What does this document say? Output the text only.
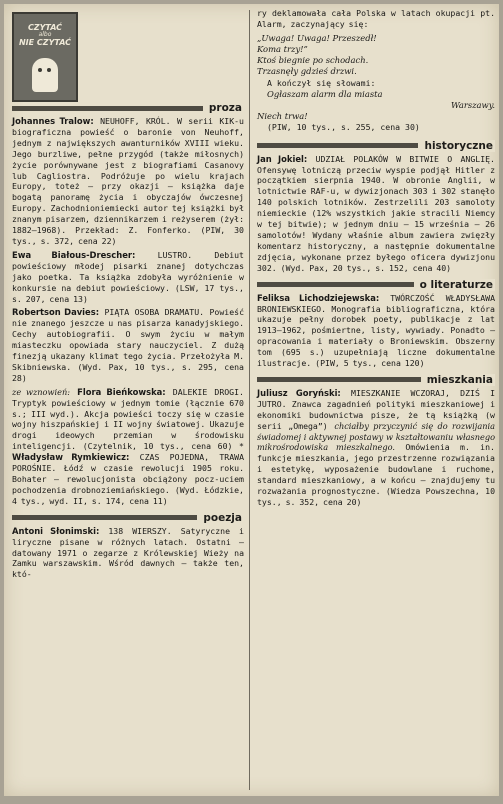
CZYTAĆ
albo
NIE CZYTAĆ
proza

Johannes Tralow: NEUHOFF, KRÓL. W serii KIK-u biograficzna powieść o baronie von Neuhoff, jednym z największych awanturników XVIII wieku. Jego burzliwe, pełne przygód (także miłosnych) życie porównywane jest z biografiami Casanovy lub Cagliostra. Podróżuje po wielu krajach Europy, toteż — przy okazji — książka daje bogatą panoramę życia i obyczajów ówczesnej Europy. Zachodnioniemiecki autor tej książki był znanym pisarzem, dziennikarzem i reżyserem (żył: 1882—1968). Przekład: Z. Fonferko. (PIW, 30 tys., s. 372, cena 22)

Ewa Białous-Drescher:	LUSTRO. Debiut powieściowy młodej pisarki znanej dotychczas jako poetka. Ta książka zdobyła wyróżnienie w konkursie na debiut powieściowy. (LSW, 17 tys., s. 207, cena 13)

Robertson Davies: PIĄTA OSOBA DRAMATU. Powieść nie znanego jeszcze u nas pisarza kanadyjskiego. Cechy autobiografii. O swym życiu w małym miasteczku opowiada stary nauczyciel. Z dużą finezją ukazany klimat tego życia. Przełożyła M. Skibniewska. (Wyd. Pax, 10 tys., s. 295, cena 28)

ze wznowień: Flora Bieńkowska: DALEKIE DROGI. Tryptyk powieściowy w jednym tomie (łącznie 670 s.; III wyd.). Akcja powieści toczy się w czasie wojny hiszpańskiej i II wojny światowej. Ukazuje drogi ideowych przemian w środowisku inteligencji. (Czytelnik, 10 tys., cena 60) * Władysław Rymkiewicz: CZAS POJEDNA, TRAWA POROŚNIE. Łódź w czasie rewolucji 1905 roku. Bohater — rewolucjonista obciążony pocz-uciem pochodzenia drobnoziemiańskiego. (Wyd. Łódzkie, 4 tys., wyd. II, s. 174, cena 11)

poezja

Antoni Słonimski: 138 WIERSZY. Satyryczne i liryczne pisane w różnych latach. Ostatni — datowany 1971 o zegarze z Królewskiej Wieży na Zamku warszawskim. Wśród dawnych — także ten, któ-

ry deklamowała cała Polska w latach okupacji pt. Alarm, zaczynający się:

„Uwaga! Uwaga! Przeszedł!

Koma trzy!”

Ktoś biegnie po schodach.

Trzasnęły gdzieś drzwi.

A kończył się słowami:

Ogłaszam alarm dla miasta

Warszawy.

Niech trwa!

(PIW, 10 tys., s. 255, cena 30)

historyczne

Jan Jokiel: UDZIAŁ POLAKÓW W BITWIE O ANGLIĘ. Ofensywę lotniczą przeciw wyspie podjął Hitler z początkiem sierpnia 1940. W obronie Anglii, w lotnictwie RAF-u, w dywizjonach 303 i 302 stanęło 140 polskich lotników. Zestrzelili 203 samoloty niemieckie (12% wszystkich jakie stracili Niemcy w tej bitwie); w jednym dniu — 15 września — 26 samolotów! Wydany właśnie album zawiera zwięzły komentarz historyczny, a następnie dokumentalne zdjęcia, wykonane przez byłego oficera dywizjonu 302. (Wyd. Pax, 20 tys., s. 152, cena 40)

o literaturze

Feliksa Lichodziejewska: TWÓRCZOŚĆ WŁADYSŁAWA BRONIEWSKIEGO. Monografia bibliograficzna, która ukazuje pełny dorobek poety, publikacje z lat 1913—1962, pośmiertne, listy, wywiady. Ponadto — opracowania i materiały o Broniewskim. Obszerny tom (695 s.) uzupełniają liczne dokumentalne ilustracje. (PIW, 5 tys., cena 120)

mieszkania

Juliusz Goryński: MIESZKANIE WCZORAJ, DZIŚ I JUTRO. Znawca zagadnień polityki mieszkaniowej i ekonomiki budownictwa pisze, że tą książką (w serii „Omega”) chciałby przyczynić się do rozwijania świadomej i aktywnej postawy w kształtowaniu własnego mikrośrodowiska mieszkalnego. Omówienia m. in. funkcje mieszkania, jego przestrzenne rozwiązania i estetykę, wyposażenie budowlane i ruchome, standard mieszkaniowy, a w końcu — znajdujemy tu rozważania prognostyczne. (Wiedza Powszechna, 10 tys., s. 352, cena 20)
